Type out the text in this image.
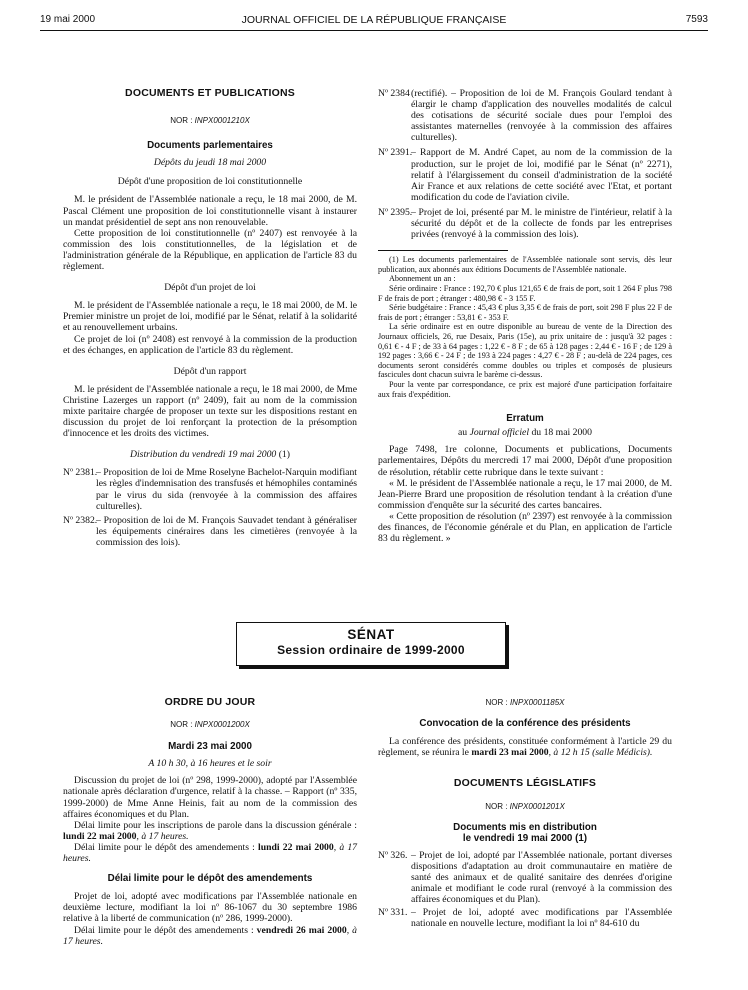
19 mai 2000	JOURNAL OFFICIEL DE LA RÉPUBLIQUE FRANÇAISE	7593
DOCUMENTS ET PUBLICATIONS
NOR : INPX0001210X
Documents parlementaires
Dépôts du jeudi 18 mai 2000
Dépôt d'une proposition de loi constitutionnelle

M. le président de l'Assemblée nationale a reçu, le 18 mai 2000, de M. Pascal Clément une proposition de loi constitutionnelle visant à instaurer un mandat présidentiel de sept ans non renouvelable.

Cette proposition de loi constitutionnelle (nº 2407) est renvoyée à la commission des lois constitutionnelles, de la législation et de l'administration générale de la République, en application de l'article 83 du règlement.

Dépôt d'un projet de loi

M. le président de l'Assemblée nationale a reçu, le 18 mai 2000, de M. le Premier ministre un projet de loi, modifié par le Sénat, relatif à la solidarité et au renouvellement urbains.

Ce projet de loi (nº 2408) est renvoyé à la commission de la production et des échanges, en application de l'article 83 du règlement.

Dépôt d'un rapport

M. le président de l'Assemblée nationale a reçu, le 18 mai 2000, de Mme Christine Lazerges un rapport (nº 2409), fait au nom de la commission mixte paritaire chargée de proposer un texte sur les dispositions restant en discussion du projet de loi renforçant la protection de la présomption d'innocence et les droits des victimes.

Distribution du vendredi 19 mai 2000 (1)
Nº 2381.
– Proposition de loi de Mme Roselyne Bachelot-Narquin modifiant les règles d'indemnisation des transfusés et hémophiles contaminés par le virus du sida (renvoyée à la commission des affaires culturelles).
Nº 2382.
– Proposition de loi de M. François Sauvadet tendant à généraliser les équipements cinéraires dans les cimetières (renvoyée à la commission des lois).
Nº 2384 (rectifié). – Proposition de loi de M. François Goulard tendant à élargir le champ d'application des nouvelles modalités de calcul des cotisations de sécurité sociale dues pour l'emploi des assistantes maternelles (renvoyée à la commission des affaires culturelles).
Nº 2391.
– Rapport de M. André Capet, au nom de la commission de la production, sur le projet de loi, modifié par le Sénat (nº 2271), relatif à l'élargissement du conseil d'administration de la société Air France et aux relations de cette société avec l'Etat, et portant modification du code de l'aviation civile.
Nº 2395.
– Projet de loi, présenté par M. le ministre de l'intérieur, relatif à la sécurité du dépôt et de la collecte de fonds par les entreprises privées (renvoyé à la commission des lois).

(1) Les documents parlementaires de l'Assemblée nationale sont servis, dès leur publication, aux abonnés aux éditions Documents de l'Assemblée nationale.

Abonnement un an :

Série ordinaire : France : 192,70 € plus 121,65 € de frais de port, soit 1 264 F plus 798 F de frais de port ; étranger : 480,98 € - 3 155 F.

Série budgétaire : France : 45,43 € plus 3,35 € de frais de port, soit 298 F plus 22 F de frais de port ; étranger : 53,81 € - 353 F.

La série ordinaire est en outre disponible au bureau de vente de la Direction des Journaux officiels, 26, rue Desaix, Paris (15e), au prix unitaire de : jusqu'à 32 pages : 0,61 € - 4 F ; de 33 à 64 pages : 1,22 € - 8 F ; de 65 à 128 pages : 2,44 € - 16 F ; de 129 à 192 pages : 3,66 € - 24 F ; de 193 à 224 pages : 4,27 € - 28 F ; au-delà de 224 pages, ces documents seront considérés comme doubles ou triples et composés de plusieurs fascicules dont chacun suivra le barème ci-dessus.

Pour la vente par correspondance, ce prix est majoré d'une participation forfaitaire aux frais d'expédition.

Erratum
au Journal officiel du 18 mai 2000

Page 7498, 1re colonne, Documents et publications, Documents parlementaires, Dépôts du mercredi 17 mai 2000, Dépôt d'une proposition de résolution, rétablir cette rubrique dans le texte suivant :

« M. le président de l'Assemblée nationale a reçu, le 17 mai 2000, de M. Jean-Pierre Brard une proposition de résolution tendant à la création d'une commission d'enquête sur la sécurité des cartes bancaires.

« Cette proposition de résolution (nº 2397) est renvoyée à la commission des finances, de l'économie générale et du Plan, en application de l'article 83 du règlement. »

SÉNAT
Session ordinaire de 1999-2000
ORDRE DU JOUR
NOR : INPX0001200X
Mardi 23 mai 2000
A 10 h 30, à 16 heures et le soir

Discussion du projet de loi (nº 298, 1999-2000), adopté par l'Assemblée nationale après déclaration d'urgence, relatif à la chasse. – Rapport (nº 335, 1999-2000) de Mme Anne Heinis, fait au nom de la commission des affaires économiques et du Plan.

Délai limite pour les inscriptions de parole dans la discussion générale : lundi 22 mai 2000, à 17 heures.

Délai limite pour le dépôt des amendements : lundi 22 mai 2000, à 17 heures.

Délai limite pour le dépôt des amendements

Projet de loi, adopté avec modifications par l'Assemblée nationale en deuxième lecture, modifiant la loi nº 86-1067 du 30 septembre 1986 relative à la liberté de communication (nº 286, 1999-2000).

Délai limite pour le dépôt des amendements : vendredi 26 mai 2000, à 17 heures.

NOR : INPX0001185X
Convocation de la conférence des présidents

La conférence des présidents, constituée conformément à l'article 29 du règlement, se réunira le mardi 23 mai 2000, à 12 h 15 (salle Médicis).

DOCUMENTS LÉGISLATIFS
NOR : INPX0001201X
Documents mis en distribution
le vendredi 19 mai 2000 (1)
Nº 326. – Projet de loi, adopté par l'Assemblée nationale, portant diverses dispositions d'adaptation au droit communautaire en matière de santé des animaux et de qualité sanitaire des denrées d'origine animale et modifiant le code rural (renvoyé à la commission des affaires économiques et du Plan).
Nº 331. – Projet de loi, adopté avec modifications par l'Assemblée nationale en nouvelle lecture, modifiant la loi nº 84-610 du
